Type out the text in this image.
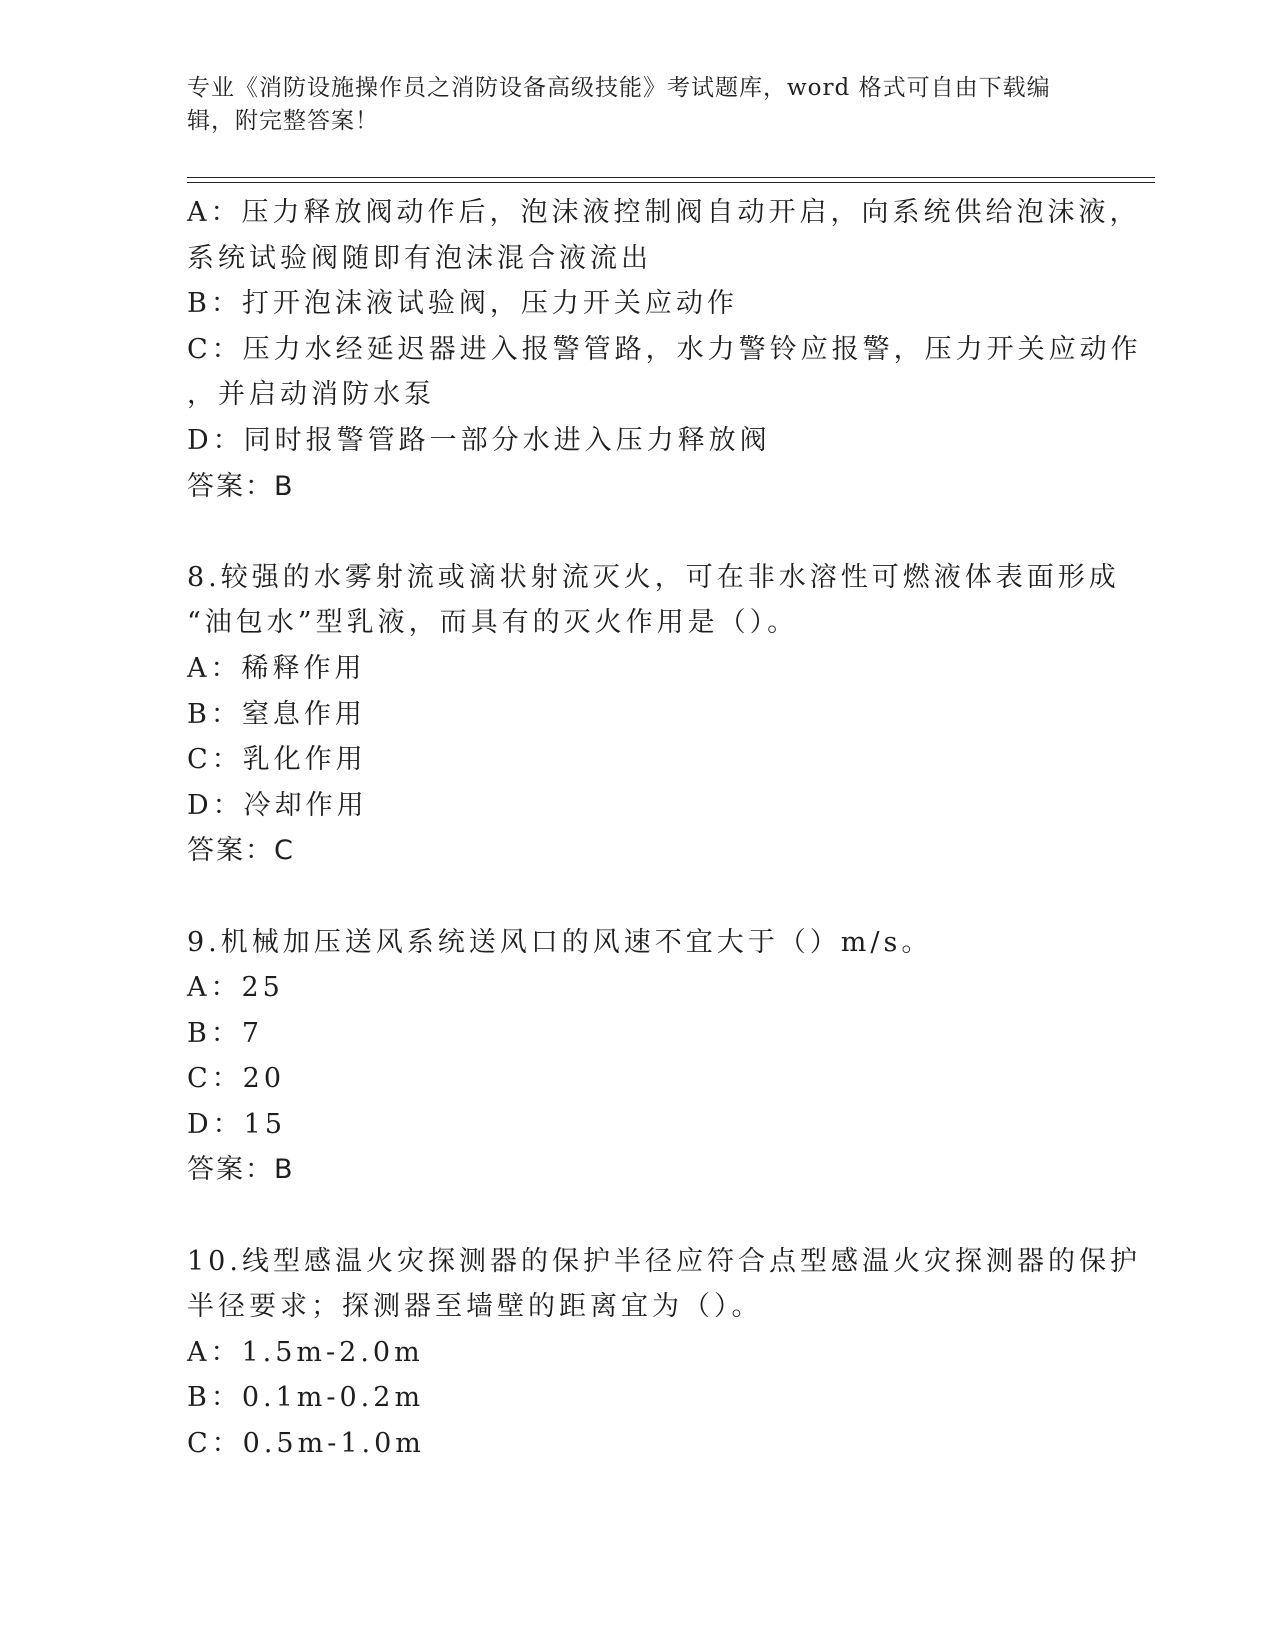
专业《消防设施操作员之消防设备高级技能》考试题库，word 格式可自由下载编
辑，附完整答案！
A：压力释放阀动作后，泡沫液控制阀自动开启，向系统供给泡沫液，
系统试验阀随即有泡沫混合液流出
B：打开泡沫液试验阀，压力开关应动作
C：压力水经延迟器进入报警管路，水力警铃应报警，压力开关应动作
，并启动消防水泵
D：同时报警管路一部分水进入压力释放阀
答案：B
8.较强的水雾射流或滴状射流灭火，可在非水溶性可燃液体表面形成
“油包水”型乳液，而具有的灭火作用是（）。
A：稀释作用
B：窒息作用
C：乳化作用
D：冷却作用
答案：C
9.机械加压送风系统送风口的风速不宜大于（）m/s。
A：25
B：7
C：20
D：15
答案：B
10.线型感温火灾探测器的保护半径应符合点型感温火灾探测器的保护
半径要求；探测器至墙壁的距离宜为（）。
A：1.5m-2.0m
B：0.1m-0.2m
C：0.5m-1.0m
